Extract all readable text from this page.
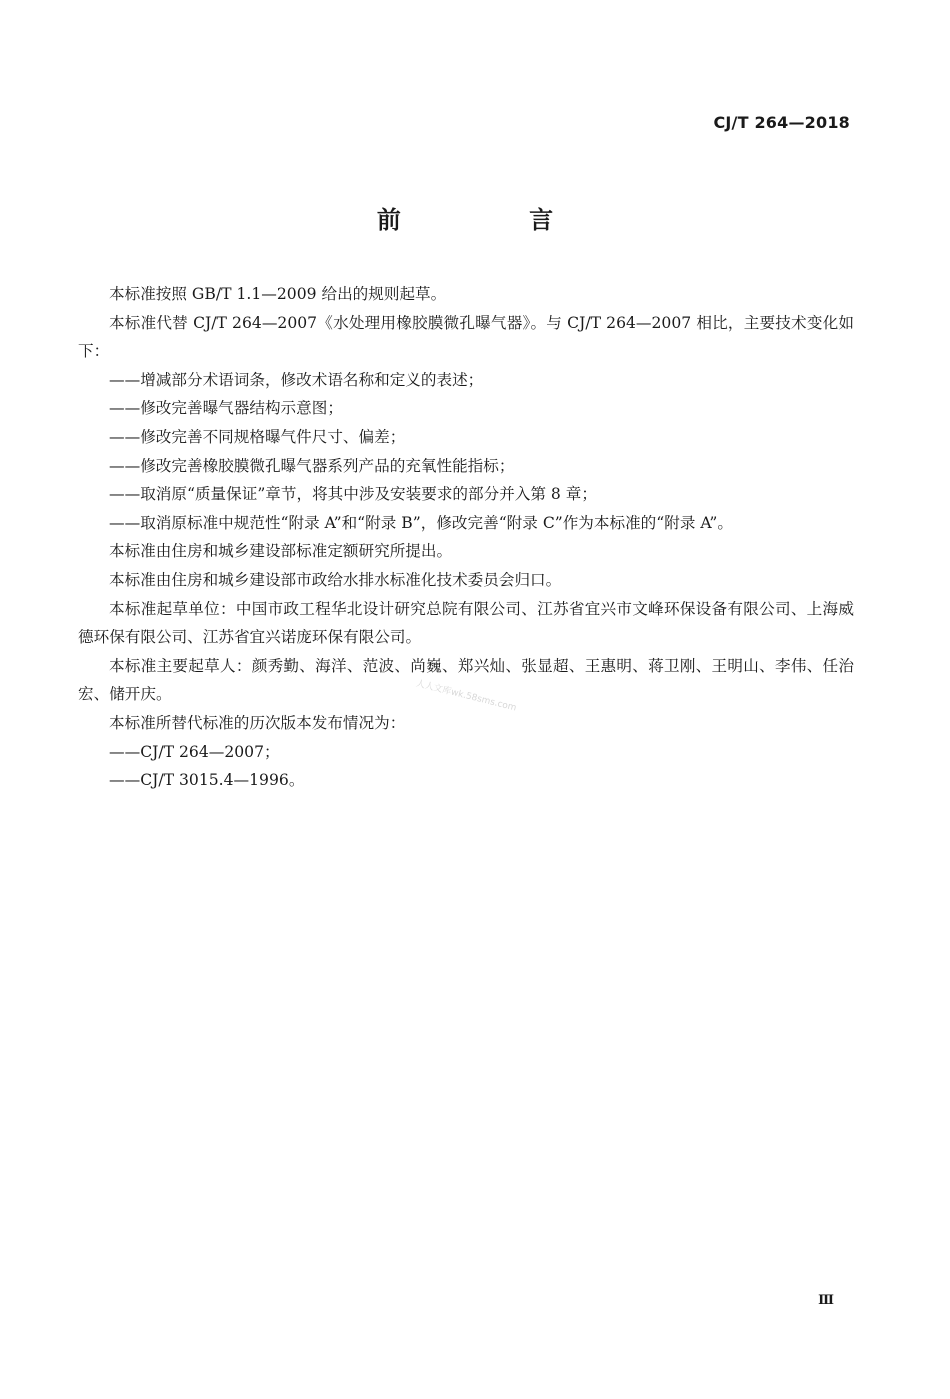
CJ/T 264—2018
前 言

本标准按照 GB/T 1.1—2009 给出的规则起草。

本标准代替 CJ/T 264—2007《水处理用橡胶膜微孔曝气器》。与 CJ/T 264—2007 相比，主要技术变化如下：

——增减部分术语词条，修改术语名称和定义的表述；

——修改完善曝气器结构示意图；

——修改完善不同规格曝气件尺寸、偏差；

——修改完善橡胶膜微孔曝气器系列产品的充氧性能指标；

——取消原“质量保证”章节，将其中涉及安装要求的部分并入第 8 章；

——取消原标准中规范性“附录 A”和“附录 B”，修改完善“附录 C”作为本标准的“附录 A”。

本标准由住房和城乡建设部标准定额研究所提出。

本标准由住房和城乡建设部市政给水排水标准化技术委员会归口。

本标准起草单位：中国市政工程华北设计研究总院有限公司、江苏省宜兴市文峰环保设备有限公司、上海威德环保有限公司、江苏省宜兴诺庞环保有限公司。

本标准主要起草人：颜秀勤、海洋、范波、尚巍、郑兴灿、张显超、王惠明、蒋卫刚、王明山、李伟、任治宏、储开庆。

本标准所替代标准的历次版本发布情况为：

——CJ/T 264—2007；

——CJ/T 3015.4—1996。

人人文库wk.58sms.com
Ⅲ
